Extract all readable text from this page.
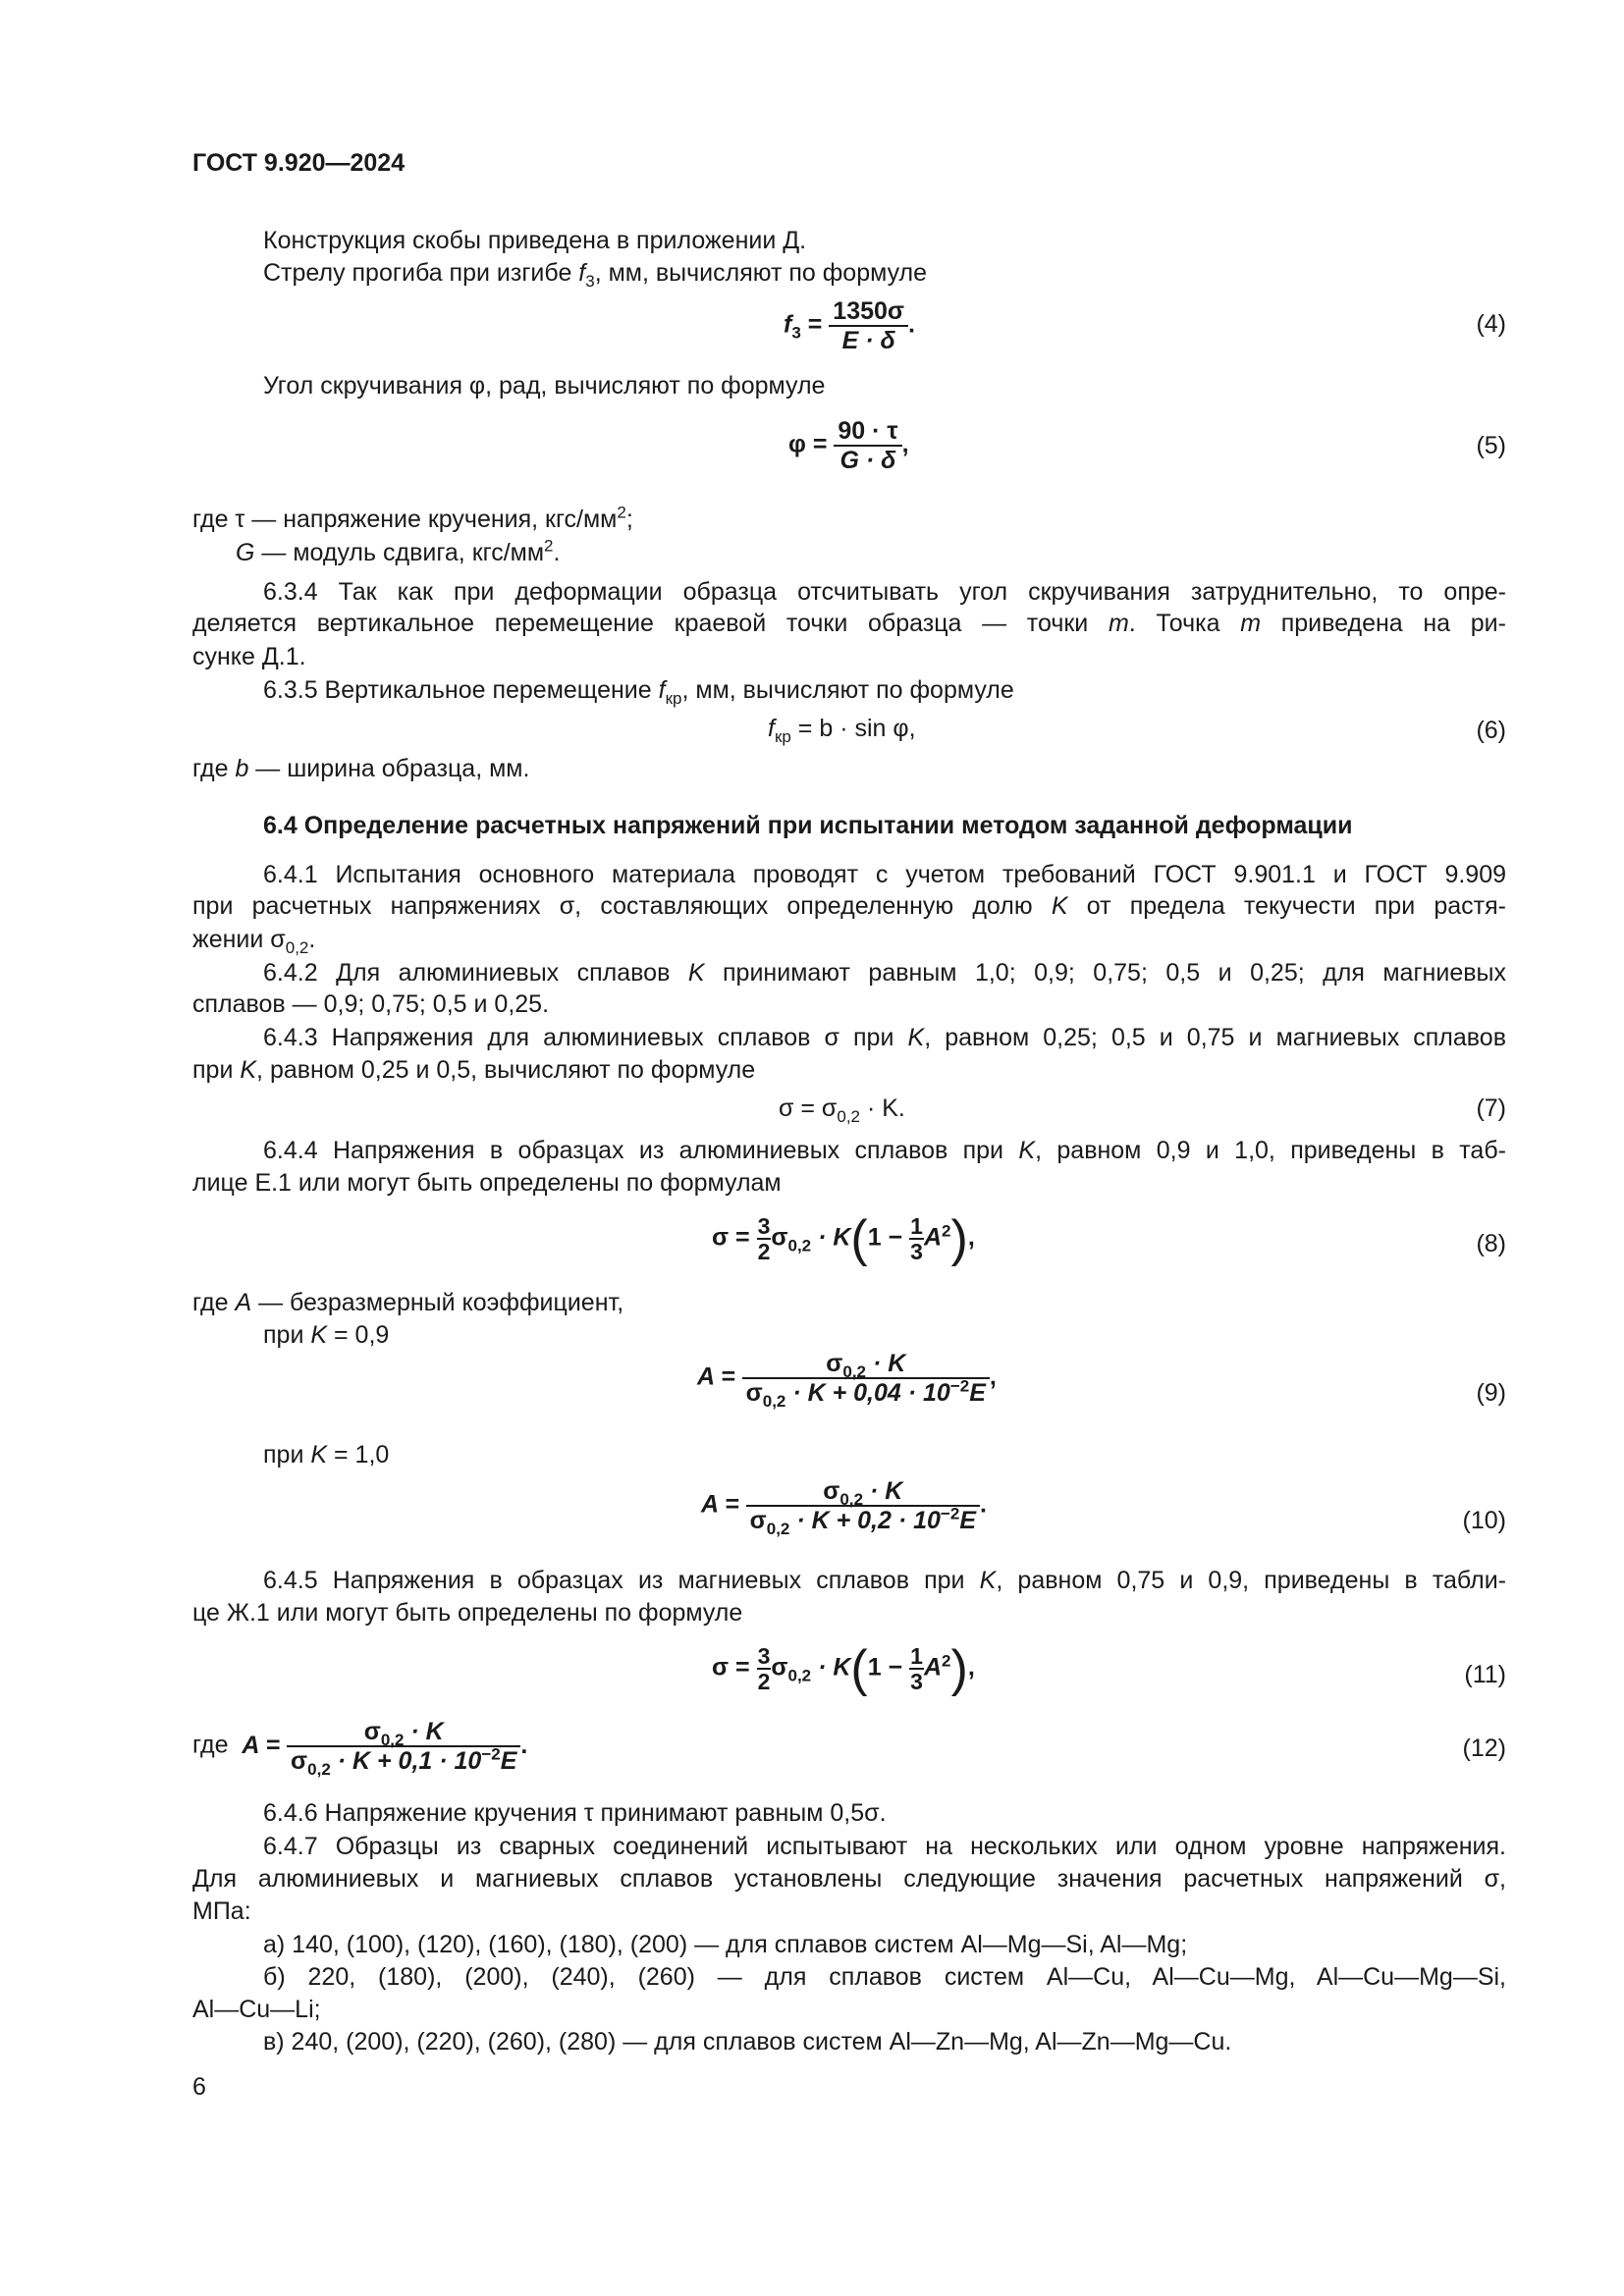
ГОСТ 9.920—2024
Конструкция скобы приведена в приложении Д.
Стрелу прогиба при изгибе $f_3$, мм, вычисляют по формуле
$f_3 = \frac{1350\sigma}{E \cdot \delta}$ .	(4)
Угол скручивания φ, рад, вычисляют по формуле
$\varphi = \frac{90 \cdot \tau}{G \cdot \delta}$ ,	(5)
где τ — напряжение кручения, кгс/$мм^2$;
G — модуль сдвига, кгс/$мм^2$.
6.3.4 Так как при деформации образца отсчитывать угол скручивания затруднительно, то опре-
деляется вертикальное перемещение краевой точки образца — точки m. Точка m приведена на ри-
сунке Д.1.
6.3.5 Вертикальное перемещение $f_{кр}$, мм, вычисляют по формуле
$f_{кр} = b \cdot \sin \varphi$,	(6)
где b — ширина образца, мм.
6.4 Определение расчетных напряжений при испытании методом заданной деформации
6.4.1 Испытания основного материала проводят с учетом требований ГОСТ 9.901.1 и ГОСТ 9.909
при расчетных напряжениях σ, составляющих определенную долю K от предела текучести при растя-
жении $\sigma_{0,2}$.
6.4.2 Для алюминиевых сплавов K принимают равным 1,0; 0,9; 0,75; 0,5 и 0,25; для магниевых
сплавов — 0,9; 0,75; 0,5 и 0,25.
6.4.3 Напряжения для алюминиевых сплавов σ при K, равном 0,25; 0,5 и 0,75 и магниевых сплавов
при K, равном 0,25 и 0,5, вычисляют по формуле
$\sigma = \sigma_{0,2} \cdot K$.	(7)
6.4.4 Напряжения в образцах из алюминиевых сплавов при K, равном 0,9 и 1,0, приведены в таб-
лице Е.1 или могут быть определены по формулам
$\sigma = \frac{3}{2} \sigma_{0,2} \cdot K(1 - \frac{1}{3} A^2)$,	(8)
где A — безразмерный коэффициент,
при K = 0,9
$A = \frac{\sigma_{0,2} \cdot K}{\sigma_{0,2} \cdot K + 0,04 \cdot 10^{-2}E}$ ,
(9)
при K = 1,0
$A = \frac{\sigma_{0,2} \cdot K}{\sigma_{0,2} \cdot K + 0,2 \cdot 10^{-2}E}$ .
(10)
6.4.5 Напряжения в образцах из магниевых сплавов при K, равном 0,75 и 0,9, приведены в табли-
це Ж.1 или могут быть определены по формуле
$\sigma = \frac{3}{2} \sigma_{0,2} \cdot K(1 - \frac{1}{3} A^2)$,	(11)
где $A = \frac{\sigma_{0,2} \cdot K}{\sigma_{0,2} \cdot K + 0,1 \cdot 10^{-2}E}$ .	(12)
6.4.6 Напряжение кручения τ принимают равным 0,5σ.
6.4.7 Образцы из сварных соединений испытывают на нескольких или одном уровне напряжения.
Для алюминиевых и магниевых сплавов установлены следующие значения расчетных напряжений σ,
МПа:
а) 140, (100), (120), (160), (180), (200) — для сплавов систем Al—Mg—Si, Al—Mg;
б) 220, (180), (200), (240), (260) — для сплавов систем Al—Cu, Al—Cu—Mg, Al—Cu—Mg—Si,
Al—Cu—Li;
в) 240, (200), (220), (260), (280) — для сплавов систем Al—Zn—Mg, Al—Zn—Mg—Cu.
6
